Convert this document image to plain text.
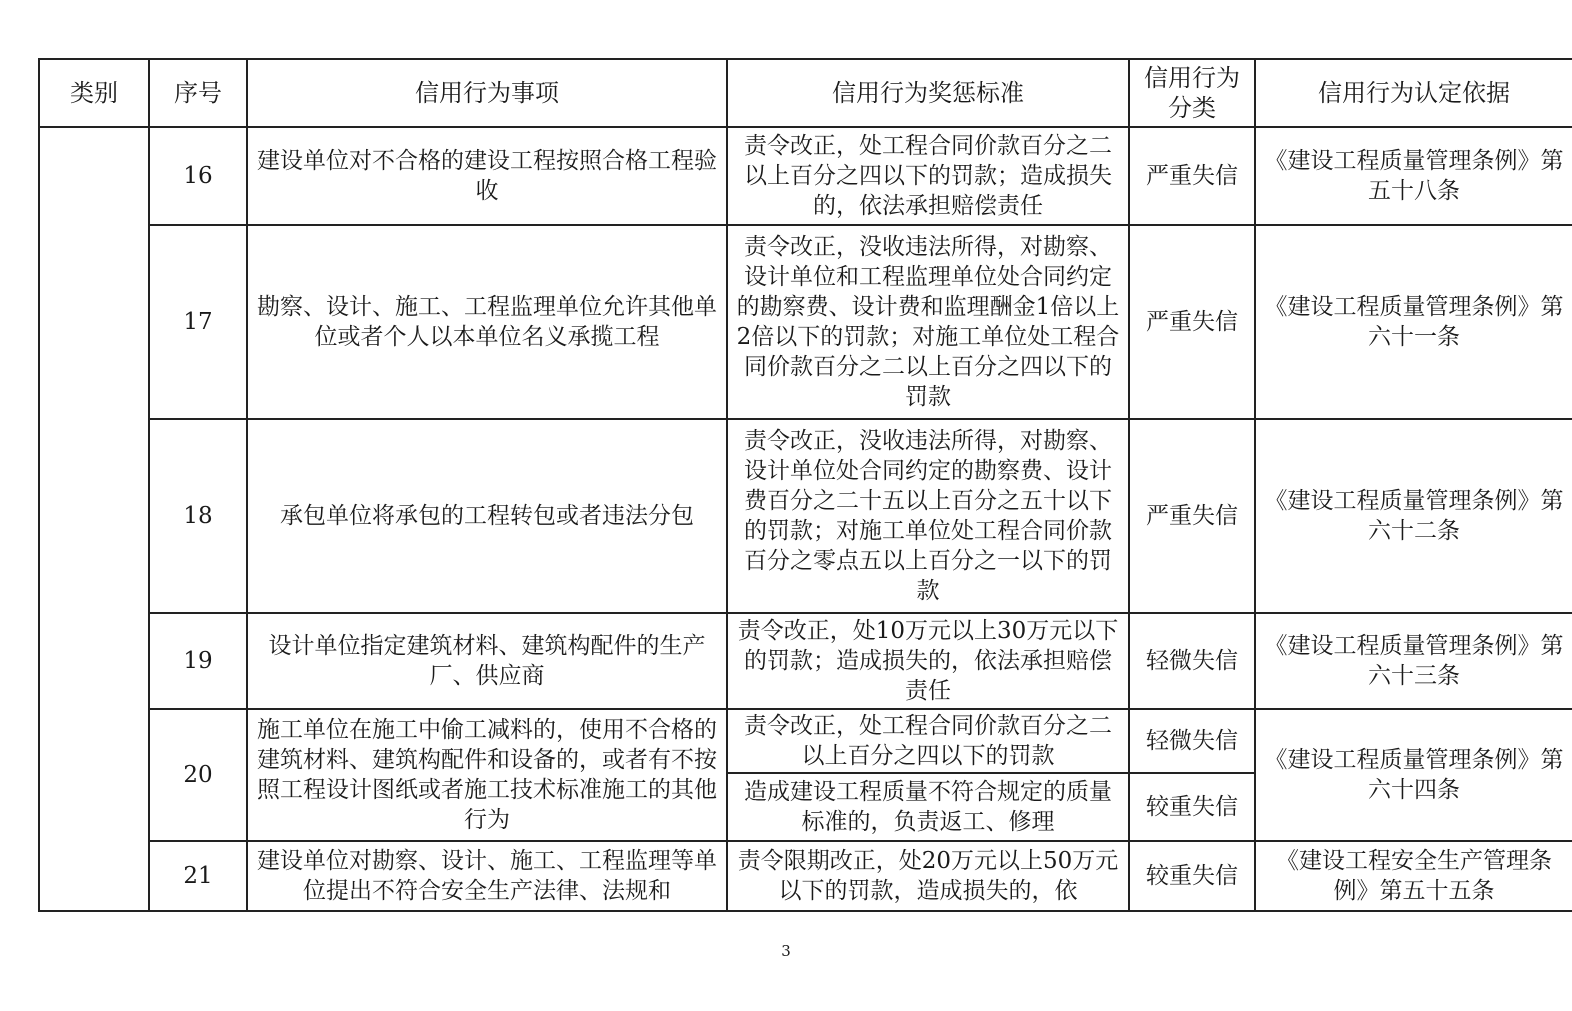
类别	序号	信用行为事项	信用行为奖惩标准	信用行为分类	信用行为认定依据
	16	建设单位对不合格的建设工程按照合格工程验收	责令改正，处工程合同价款百分之二以上百分之四以下的罚款；造成损失的，依法承担赔偿责任	严重失信	《建设工程质量管理条例》第五十八条
	17	勘察、设计、施工、工程监理单位允许其他单位或者个人以本单位名义承揽工程	责令改正，没收违法所得，对勘察、设计单位和工程监理单位处合同约定的勘察费、设计费和监理酬金1倍以上2倍以下的罚款；对施工单位处工程合同价款百分之二以上百分之四以下的罚款	严重失信	《建设工程质量管理条例》第六十一条
	18	承包单位将承包的工程转包或者违法分包	责令改正，没收违法所得，对勘察、设计单位处合同约定的勘察费、设计费百分之二十五以上百分之五十以下的罚款；对施工单位处工程合同价款百分之零点五以上百分之一以下的罚款	严重失信	《建设工程质量管理条例》第六十二条
	19	设计单位指定建筑材料、建筑构配件的生产厂、供应商	责令改正，处10万元以上30万元以下的罚款；造成损失的，依法承担赔偿责任	轻微失信	《建设工程质量管理条例》第六十三条
	20	施工单位在施工中偷工减料的，使用不合格的建筑材料、建筑构配件和设备的，或者有不按照工程设计图纸或者施工技术标准施工的其他行为	责令改正，处工程合同价款百分之二以上百分之四以下的罚款	轻微失信	《建设工程质量管理条例》第六十四条
			造成建设工程质量不符合规定的质量标准的，负责返工、修理	较重失信	
	21	建设单位对勘察、设计、施工、工程监理等单位提出不符合安全生产法律、法规和	责令限期改正，处20万元以上50万元以下的罚款，造成损失的，依	较重失信	《建设工程安全生产管理条例》第五十五条

3
